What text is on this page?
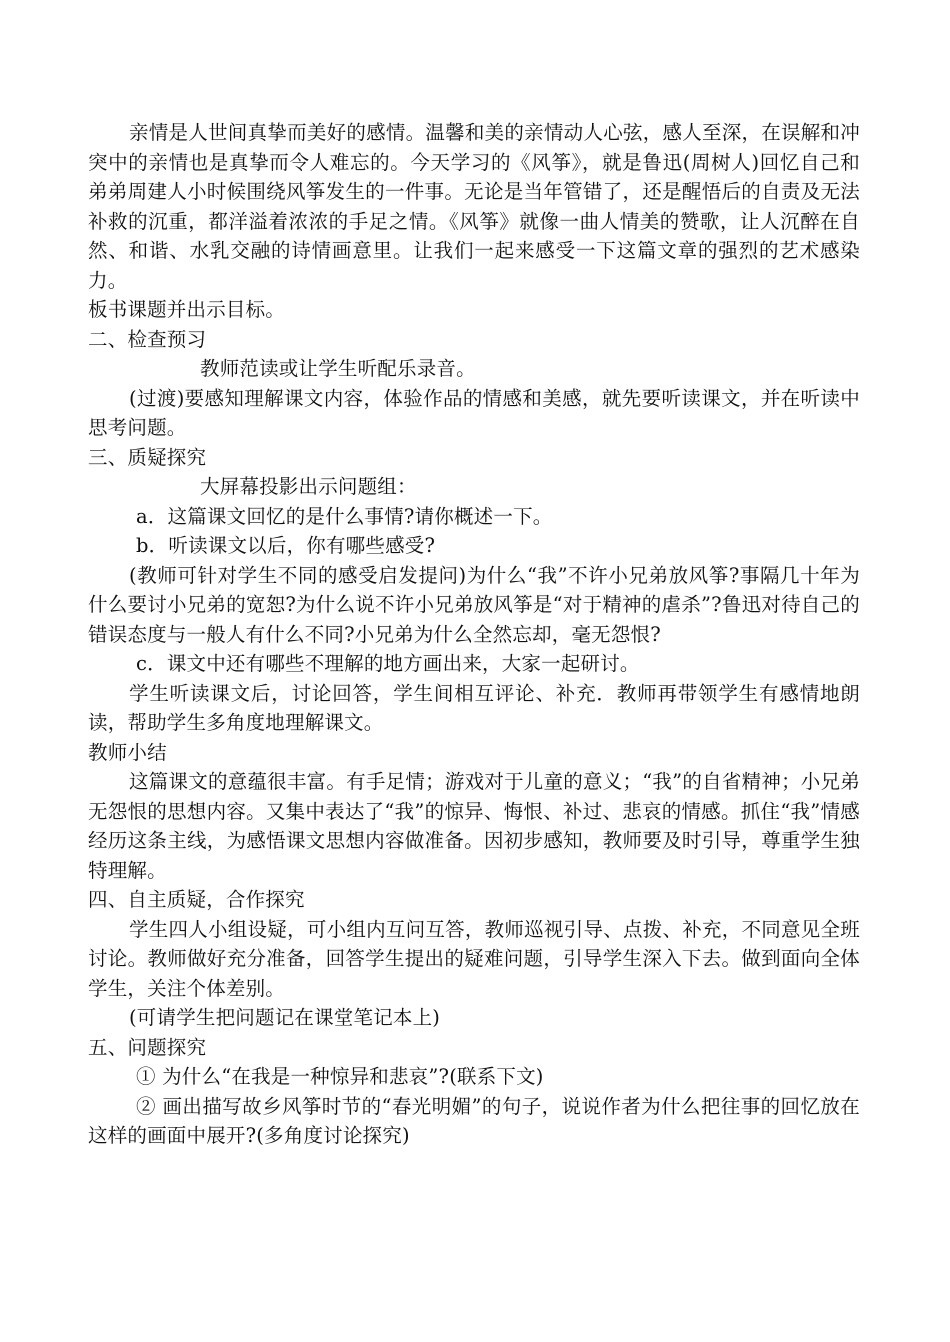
亲情是人世间真挚而美好的感情。温馨和美的亲情动人心弦，感人至深，在误解和冲突中的亲情也是真挚而令人难忘的。今天学习的《风筝》，就是鲁迅(周树人)回忆自己和弟弟周建人小时候围绕风筝发生的一件事。无论是当年管错了，还是醒悟后的自责及无法补救的沉重，都洋溢着浓浓的手足之情。《风筝》就像一曲人情美的赞歌，让人沉醉在自然、和谐、水乳交融的诗情画意里。让我们一起来感受一下这篇文章的强烈的艺术感染力。

板书课题并出示目标。

二、检查预习

教师范读或让学生听配乐录音。

(过渡)要感知理解课文内容，体验作品的情感和美感，就先要听读课文，并在听读中思考问题。

三、质疑探究

大屏幕投影出示问题组：

a．这篇课文回忆的是什么事情?请你概述一下。

b．听读课文以后，你有哪些感受?

(教师可针对学生不同的感受启发提问)为什么“我”不许小兄弟放风筝?事隔几十年为什么要讨小兄弟的宽恕?为什么说不许小兄弟放风筝是“对于精神的虐杀”?鲁迅对待自己的错误态度与一般人有什么不同?小兄弟为什么全然忘却，毫无怨恨?

c．课文中还有哪些不理解的地方画出来，大家一起研讨。

学生听读课文后，讨论回答，学生间相互评论、补充．教师再带领学生有感情地朗读，帮助学生多角度地理解课文。

教师小结

这篇课文的意蕴很丰富。有手足情；游戏对于儿童的意义；“我”的自省精神；小兄弟无怨恨的思想内容。又集中表达了“我”的惊异、悔恨、补过、悲哀的情感。抓住“我”情感经历这条主线，为感悟课文思想内容做准备。因初步感知，教师要及时引导，尊重学生独特理解。

四、自主质疑，合作探究

学生四人小组设疑，可小组内互问互答，教师巡视引导、点拨、补充，不同意见全班讨论。教师做好充分准备，回答学生提出的疑难问题，引导学生深入下去。做到面向全体学生，关注个体差别。

(可请学生把问题记在课堂笔记本上)

五、问题探究

① 为什么“在我是一种惊异和悲哀”?(联系下文)

② 画出描写故乡风筝时节的“春光明媚”的句子，说说作者为什么把往事的回忆放在这样的画面中展开?(多角度讨论探究)
